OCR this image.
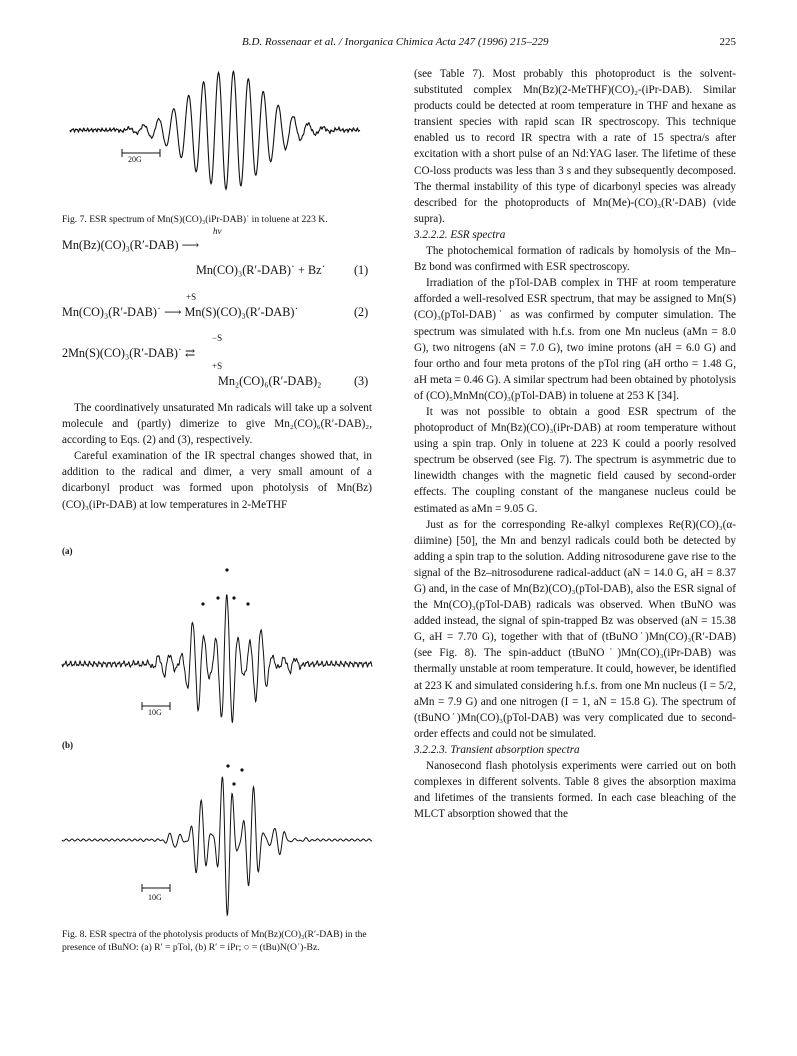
B.D. Rossenaar et al. / Inorganica Chimica Acta 247 (1996) 215–229	225
20G
Fig. 7. ESR spectrum of Mn(S)(CO)₃(iPr-DAB)˙ in toluene at 223 K.
hν
Mn(Bz)(CO)₃(R′-DAB) ⟶
Mn(CO)₃(R′-DAB)˙ + Bz˙ (1)
+S
Mn(CO)₃(R′-DAB)˙ ⟶ Mn(S)(CO)₃(R′-DAB)˙	(2)
−S
2Mn(S)(CO)₃(R′-DAB)˙ ⇄
+S
Mn₂(CO)₆(R′-DAB)₂	(3)

The coordinatively unsaturated Mn radicals will take up a solvent molecule and (partly) dimerize to give Mn₂(CO)₆(R′-DAB)₂, according to Eqs. (2) and (3), respectively.

Careful examination of the IR spectral changes showed that, in addition to the radical and dimer, a very small amount of a dicarbonyl product was formed upon photolysis of Mn(Bz)(CO)₃(iPr-DAB) at low temperatures in 2-MeTHF

(a)
10G
(b)
10G
Fig. 8. ESR spectra of the photolysis products of Mn(Bz)(CO)₃(R′-DAB) in the presence of tBuNO: (a) R′ = pTol, (b) R′ = iPr; ○ = (tBu)N(O˙)-Bz.

(see Table 7). Most probably this photoproduct is the solvent-substituted complex Mn(Bz)(2-MeTHF)(CO)₂-(iPr-DAB). Similar products could be detected at room temperature in THF and hexane as transient species with rapid scan IR spectroscopy. This technique enabled us to record IR spectra with a rate of 15 spectra/s after excitation with a short pulse of an Nd:YAG laser. The lifetime of these CO-loss products was less than 3 s and they subsequently decomposed. The thermal instability of this type of dicarbonyl species was already described for the photoproducts of Mn(Me)-(CO)₃(R′-DAB) (vide supra).

3.2.2.2. ESR spectra

The photochemical formation of radicals by homolysis of the Mn–Bz bond was confirmed with ESR spectroscopy.

Irradiation of the pTol-DAB complex in THF at room temperature afforded a well-resolved ESR spectrum, that may be assigned to Mn(S)(CO)₃(pTol-DAB)˙ as was confirmed by computer simulation. The spectrum was simulated with h.f.s. from one Mn nucleus (aMn = 8.0 G), two nitrogens (aN = 7.0 G), two imine protons (aH = 6.0 G) and four ortho and four meta protons of the pTol ring (aH ortho = 1.48 G, aH meta = 0.46 G). A similar spectrum had been obtained by photolysis of (CO)₅MnMn(CO)₃(pTol-DAB) in toluene at 253 K [34].

It was not possible to obtain a good ESR spectrum of the photoproduct of Mn(Bz)(CO)₃(iPr-DAB) at room temperature without using a spin trap. Only in toluene at 223 K could a poorly resolved spectrum be observed (see Fig. 7). The spectrum is asymmetric due to linewidth changes with the magnetic field caused by second-order effects. The coupling constant of the manganese nucleus could be estimated as aMn = 9.05 G.

Just as for the corresponding Re-alkyl complexes Re(R)(CO)₃(α-diimine) [50], the Mn and benzyl radicals could both be detected by adding a spin trap to the solution. Adding nitrosodurene gave rise to the signal of the Bz–nitrosodurene radical-adduct (aN = 14.0 G, aH = 8.37 G) and, in the case of Mn(Bz)(CO)₃(pTol-DAB), also the ESR signal of the Mn(CO)₃(pTol-DAB) radicals was observed. When tBuNO was added instead, the signal of spin-trapped Bz was observed (aN = 15.38 G, aH = 7.70 G), together with that of (tBuNO˙)Mn(CO)₃(R′-DAB) (see Fig. 8). The spin-adduct (tBuNO˙)Mn(CO)₃(iPr-DAB) was thermally unstable at room temperature. It could, however, be identified at 223 K and simulated considering h.f.s. from one Mn nucleus (I = 5/2, aMn = 7.9 G) and one nitrogen (I = 1, aN = 15.8 G). The spectrum of (tBuNO˙)Mn(CO)₃(pTol-DAB) was very complicated due to second-order effects and could not be simulated.

3.2.2.3. Transient absorption spectra

Nanosecond flash photolysis experiments were carried out on both complexes in different solvents. Table 8 gives the absorption maxima and lifetimes of the transients formed. In each case bleaching of the MLCT absorption showed that the
